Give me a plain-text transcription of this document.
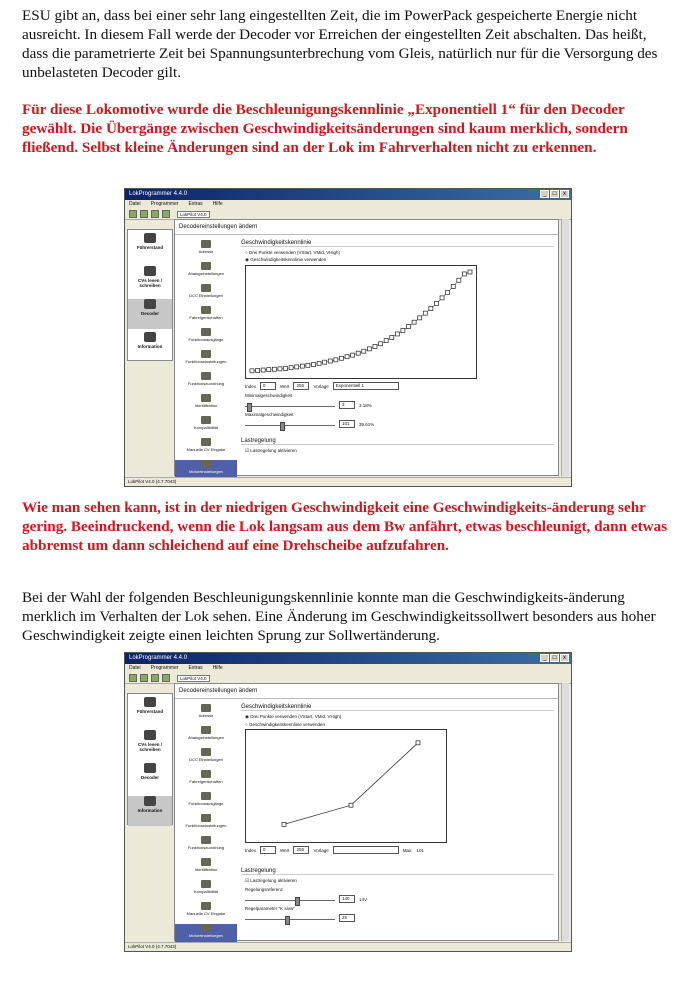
ESU gibt an, dass bei einer sehr lang eingestellten Zeit, die im PowerPack gespeicherte Energie nicht ausreicht. In diesem Fall werde der Decoder vor Erreichen der eingestellten Zeit abschalten. Das heißt, dass die parametrierte Zeit bei Spannungsunterbrechung vom Gleis, natürlich nur für die Versorgung des unbelasteten Decoder gilt.

Für diese Lokomotive wurde die Beschleunigungskennlinie „Exponentiell 1“ für den Decoder gewählt. Die Übergänge zwischen Geschwindigkeitsänderungen sind kaum merklich, sondern fließend. Selbst kleine Änderungen sind an der Lok im Fahrverhalten nicht zu erkennen.

LokProgrammer 4.4.0	_	□	x
Datei Programmer Extras Hilfe
LokPilot V4.0
Führerstand
CVs lesen / schreiben
Decoder
Information
Decodereinstellungen ändern
Adresse
Analogeinstellungen
DCC Einstellungen
Fahreigenschaften
Funktionsausgänge
Funktionseinstellungen
Funktionszuordnung
Identifikation
Kompatibilität
Manuelle CV Eingabe
Motoreinstellungen
Geschwindigkeitskennlinie
○ Drei Punkte verwenden (VStart, VMid, VHigh)
◉ Geschwindigkeitskennlinie verwenden
Index	0	Wert	255	Vorlage	Exponentiell 1
Minimalgeschwindigkeit
3	3.18%
Maximalgeschwindigkeit
101	39.61%
Lastregelung
☑ Lastregelung aktivieren
LokPilot V4.0 (4.7.7043)

Wie man sehen kann, ist in der niedrigen Geschwindigkeit eine Geschwindigkeits-änderung sehr gering. Beeindruckend, wenn die Lok langsam aus dem Bw anfährt, etwas beschleunigt, dann etwas abbremst um dann schleichend auf eine Drehscheibe aufzufahren.

Bei der Wahl der folgenden Beschleunigungskennlinie konnte man die Geschwindigkeits-änderung merklich im Verhalten der Lok sehen. Eine Änderung im Geschwindigkeitssollwert besonders aus hoher Geschwindigkeit zeigte einen leichten Sprung zur Sollwertänderung.

LokProgrammer 4.4.0	_	□	x
Datei Programmer Extras Hilfe
LokPilot V4.0
Führerstand
CVs lesen / schreiben
Decoder
Information
Decodereinstellungen ändern
Adresse
Analogeinstellungen
DCC Einstellungen
Fahreigenschaften
Funktionsausgänge
Funktionseinstellungen
Funktionszuordnung
Identifikation
Kompatibilität
Manuelle CV Eingabe
Motoreinstellungen
Geschwindigkeitskennlinie
◉ Drei Punkte verwenden (VStart, VMid, VHigh)
○ Geschwindigkeitskennlinie verwenden
Index	0	Wert	255	Vorlage	Max: 101
Lastregelung
☑ Lastregelung aktivieren
Regelungsreferenz
140	14V
Regelparameter "K slow"
25
LokPilot V4.0 (4.7.7043)
